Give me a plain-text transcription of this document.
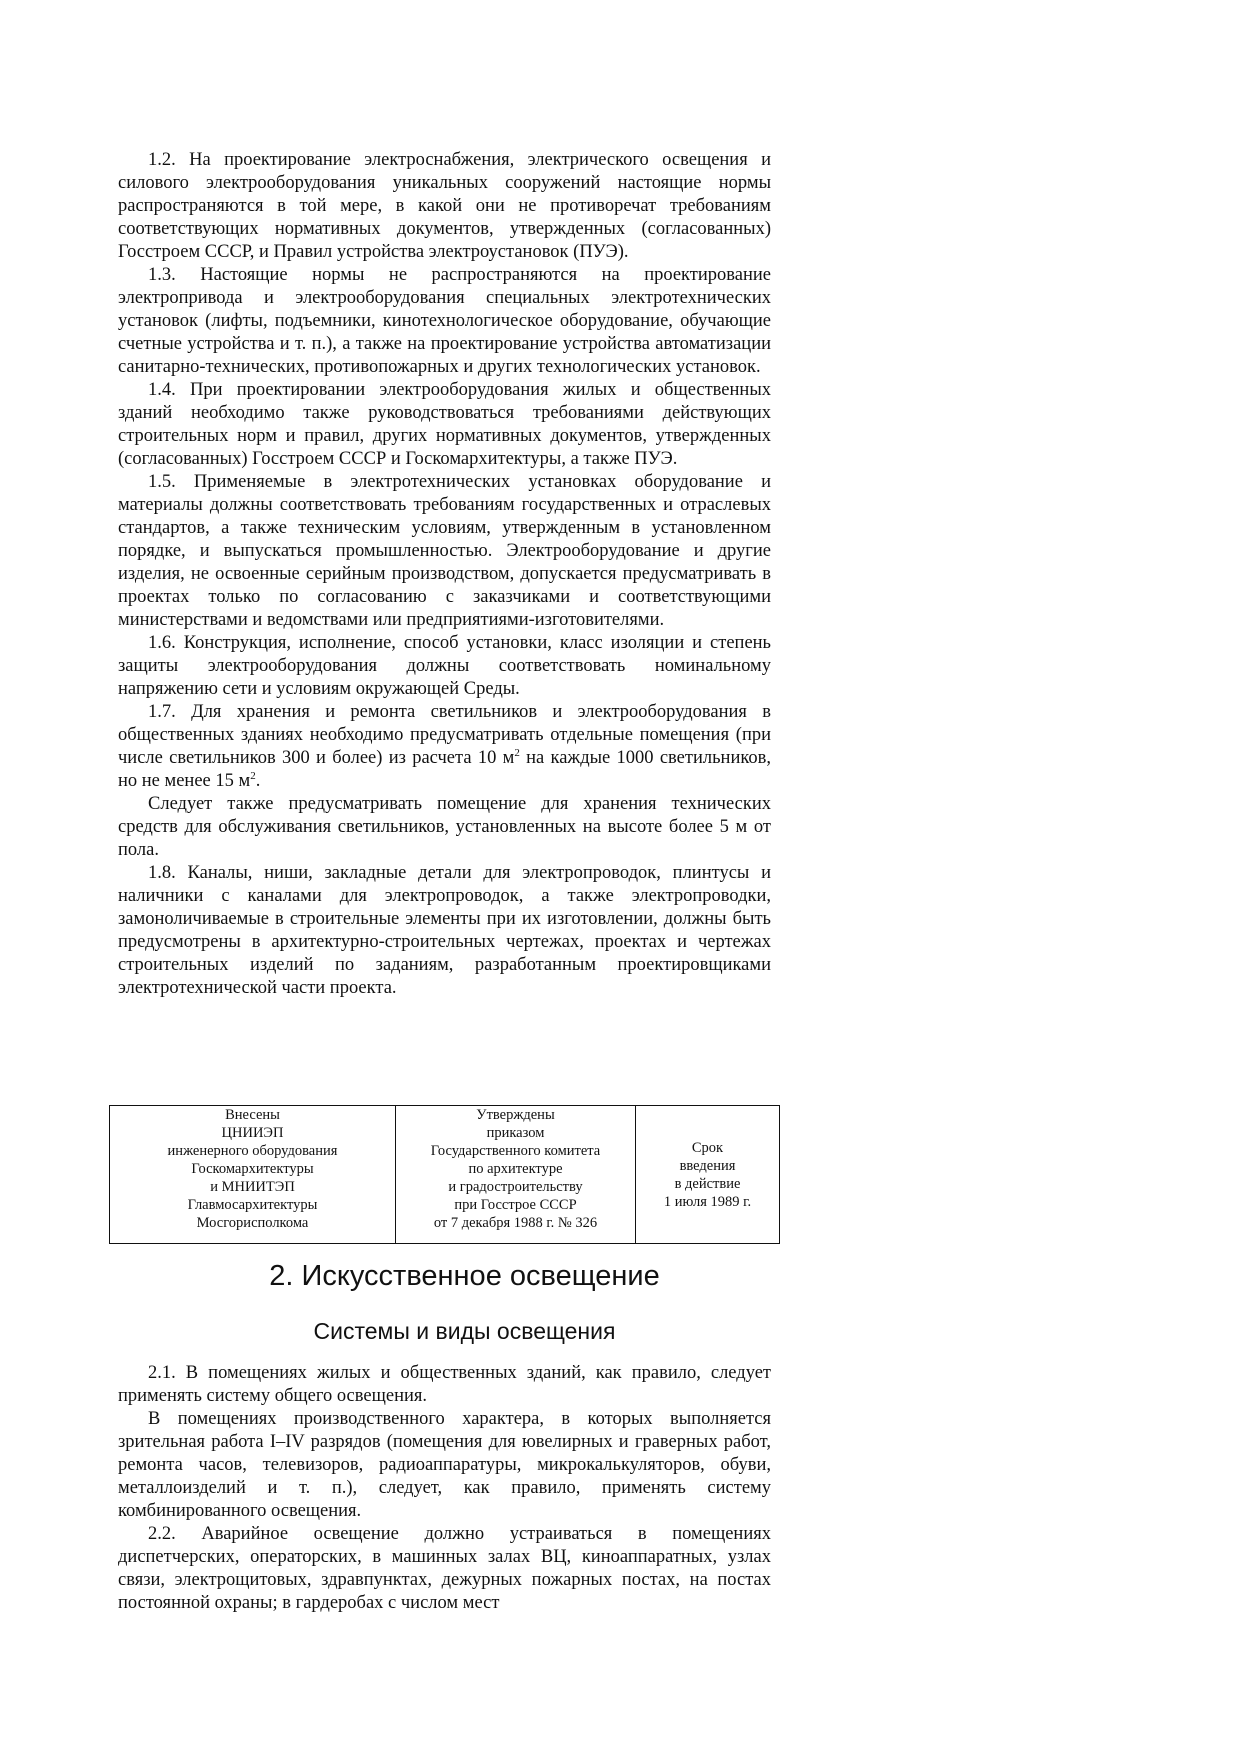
1.2. На проектирование электроснабжения, электрического освещения и силового электрооборудования уникальных сооружений настоящие нормы распространяются в той мере, в какой они не противоречат требованиям соответствующих нормативных документов, утвержденных (согласованных) Госстроем СССР, и Правил устройства электроустановок (ПУЭ).

1.3. Настоящие нормы не распространяются на проектирование электропривода и электрооборудования специальных электротехнических установок (лифты, подъемники, кинотехнологическое оборудование, обучающие счетные устройства и т. п.), а также на проектирование устройства автоматизации санитарно-технических, противопожарных и других технологических установок.

1.4. При проектировании электрооборудования жилых и общественных зданий необходимо также руководствоваться требованиями действующих строительных норм и правил, других нормативных документов, утвержденных (согласованных) Госстроем СССР и Госкомархитектуры, а также ПУЭ.

1.5. Применяемые в электротехнических установках оборудование и материалы должны соответствовать требованиям государственных и отраслевых стандартов, а также техническим условиям, утвержденным в установленном порядке, и выпускаться промышленностью. Электрооборудование и другие изделия, не освоенные серийным производством, допускается предусматривать в проектах только по согласованию с заказчиками и соответствующими министерствами и ведомствами или предприятиями-изготовителями.

1.6. Конструкция, исполнение, способ установки, класс изоляции и степень защиты электрооборудования должны соответствовать номинальному напряжению сети и условиям окружающей Среды.

1.7. Для хранения и ремонта светильников и электрооборудования в общественных зданиях необходимо предусматривать отдельные помещения (при числе светильников 300 и более) из расчета 10 $м^2$ на каждые 1000 светильников, но не менее 15 $м^2$.

Следует также предусматривать помещение для хранения технических средств для обслуживания светильников, установленных на высоте более 5 м от пола.

1.8. Каналы, ниши, закладные детали для электропроводок, плинтусы и наличники с каналами для электропроводок, а также электропроводки, замоноличиваемые в строительные элементы при их изготовлении, должны быть предусмотрены в архитектурно-строительных чертежах, проектах и чертежах строительных изделий по заданиям, разработанным проектировщиками электротехнической части проекта.

Внесены
ЦНИИЭП
инженерного оборудования
Госкомархитектуры
и МНИИТЭП
Главмосархитектуры
Мосгорисполкома

Утверждены
приказом
Государственного комитета
по архитектуре
и градостроительству
при Госстрое СССР
от 7 декабря 1988 г. № 326

Срок
введения
в действие
1 июля 1989 г.
2. Искусственное освещение
Системы и виды освещения

2.1. В помещениях жилых и общественных зданий, как правило, следует применять систему общего освещения.

В помещениях производственного характера, в которых выполняется зрительная работа I–IV разрядов (помещения для ювелирных и граверных работ, ремонта часов, телевизоров, радиоаппаратуры, микрокалькуляторов, обуви, металлоизделий и т. п.), следует, как правило, применять систему комбинированного освещения.

2.2. Аварийное освещение должно устраиваться в помещениях диспетчерских, операторских, в машинных залах ВЦ, киноаппаратных, узлах связи, электрощитовых, здравпунктах, дежурных пожарных постах, на постах постоянной охраны; в гардеробах с числом мест
